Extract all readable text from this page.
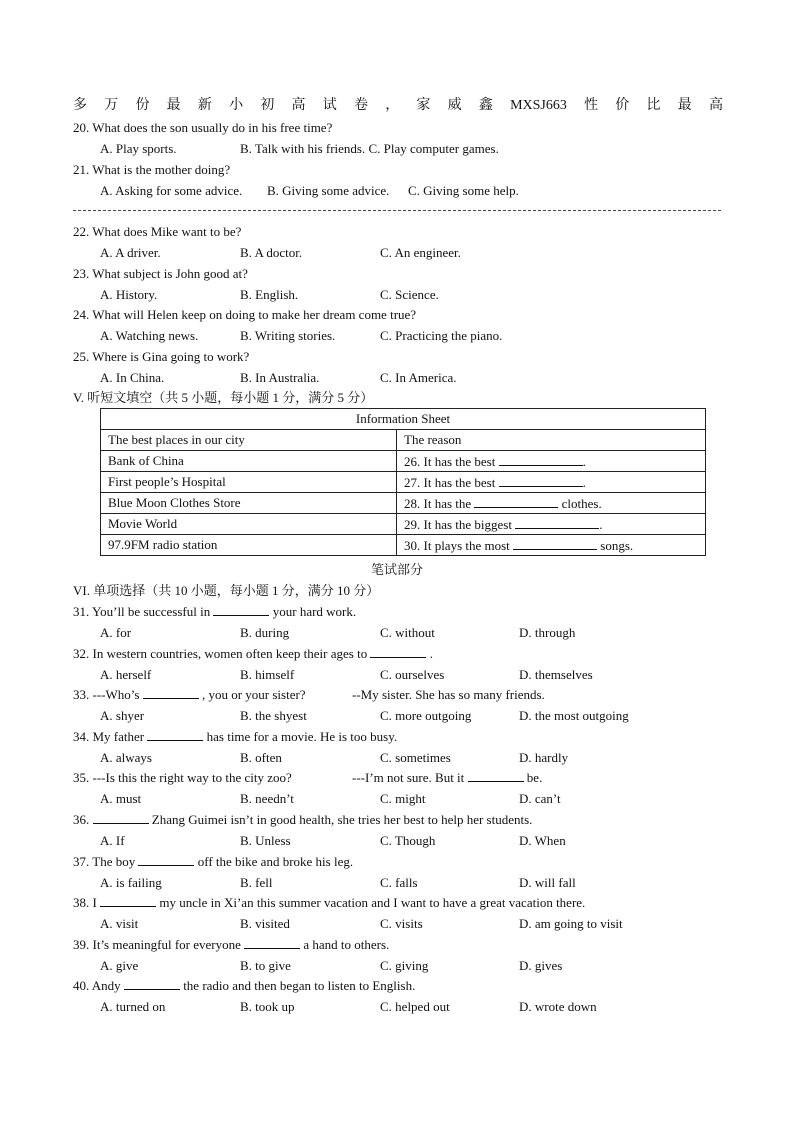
多 万 份 最 新 小 初 高 试 卷 ， 家 威 鑫 MXSJ663 性 价 比 最 高
20. What does the son usually do in his free time?
A. Play sports.	B. Talk with his friends. C. Play computer games.
21. What is the mother doing?
A. Asking for some advice. B. Giving some advice. C. Giving some help.
22. What does Mike want to be?
A. A driver.	B. A doctor.	C. An engineer.
23. What subject is John good at?
A. History.	B. English.	C. Science.
24. What will Helen keep on doing to make her dream come true?
A. Watching news.	B. Writing stories.	C. Practicing the piano.
25. Where is Gina going to work?
A. In China.	B. In Australia.	C. In America.
V. 听短文填空（共 5 小题，每小题 1 分，满分 5 分）
Information Sheet	
The best places in our city	The reason
Bank of China	26. It has the best .
First people’s Hospital	27. It has the best .
Blue Moon Clothes Store	28. It has the clothes.
Movie World	29. It has the biggest .
97.9FM radio station	30. It plays the most songs.
笔试部分
VI. 单项选择（共 10 小题，每小题 1 分，满分 10 分）
31. You’ll be successful in	your hard work.
A. for	B. during	C. without	D. through
32. In western countries, women often keep their ages to	.
A. herself	B. himself	C. ourselves	D. themselves
33. ---Who’s	, you or your sister?	--My sister. She has so many friends.
A. shyer	B. the shyest	C. more outgoing	D. the most outgoing
34. My father	has time for a movie. He is too busy.
A. always	B. often	C. sometimes	D. hardly
35. ---Is this the right way to the city zoo?	---I’m not sure. But it	be.
A. must	B. needn’t	C. might	D. can’t
36.	Zhang Guimei isn’t in good health, she tries her best to help her students.
A. If	B. Unless	C. Though	D. When
37. The boy	off the bike and broke his leg.
A. is failing	B. fell	C. falls	D. will fall
38. I	my uncle in Xi’an this summer vacation and I want to have a great vacation there.
A. visit	B. visited	C. visits	D. am going to visit
39. It’s meaningful for everyone	a hand to others.
A. give	B. to give	C. giving	D. gives
40. Andy	the radio and then began to listen to English.
A. turned on	B. took up	C. helped out	D. wrote down
